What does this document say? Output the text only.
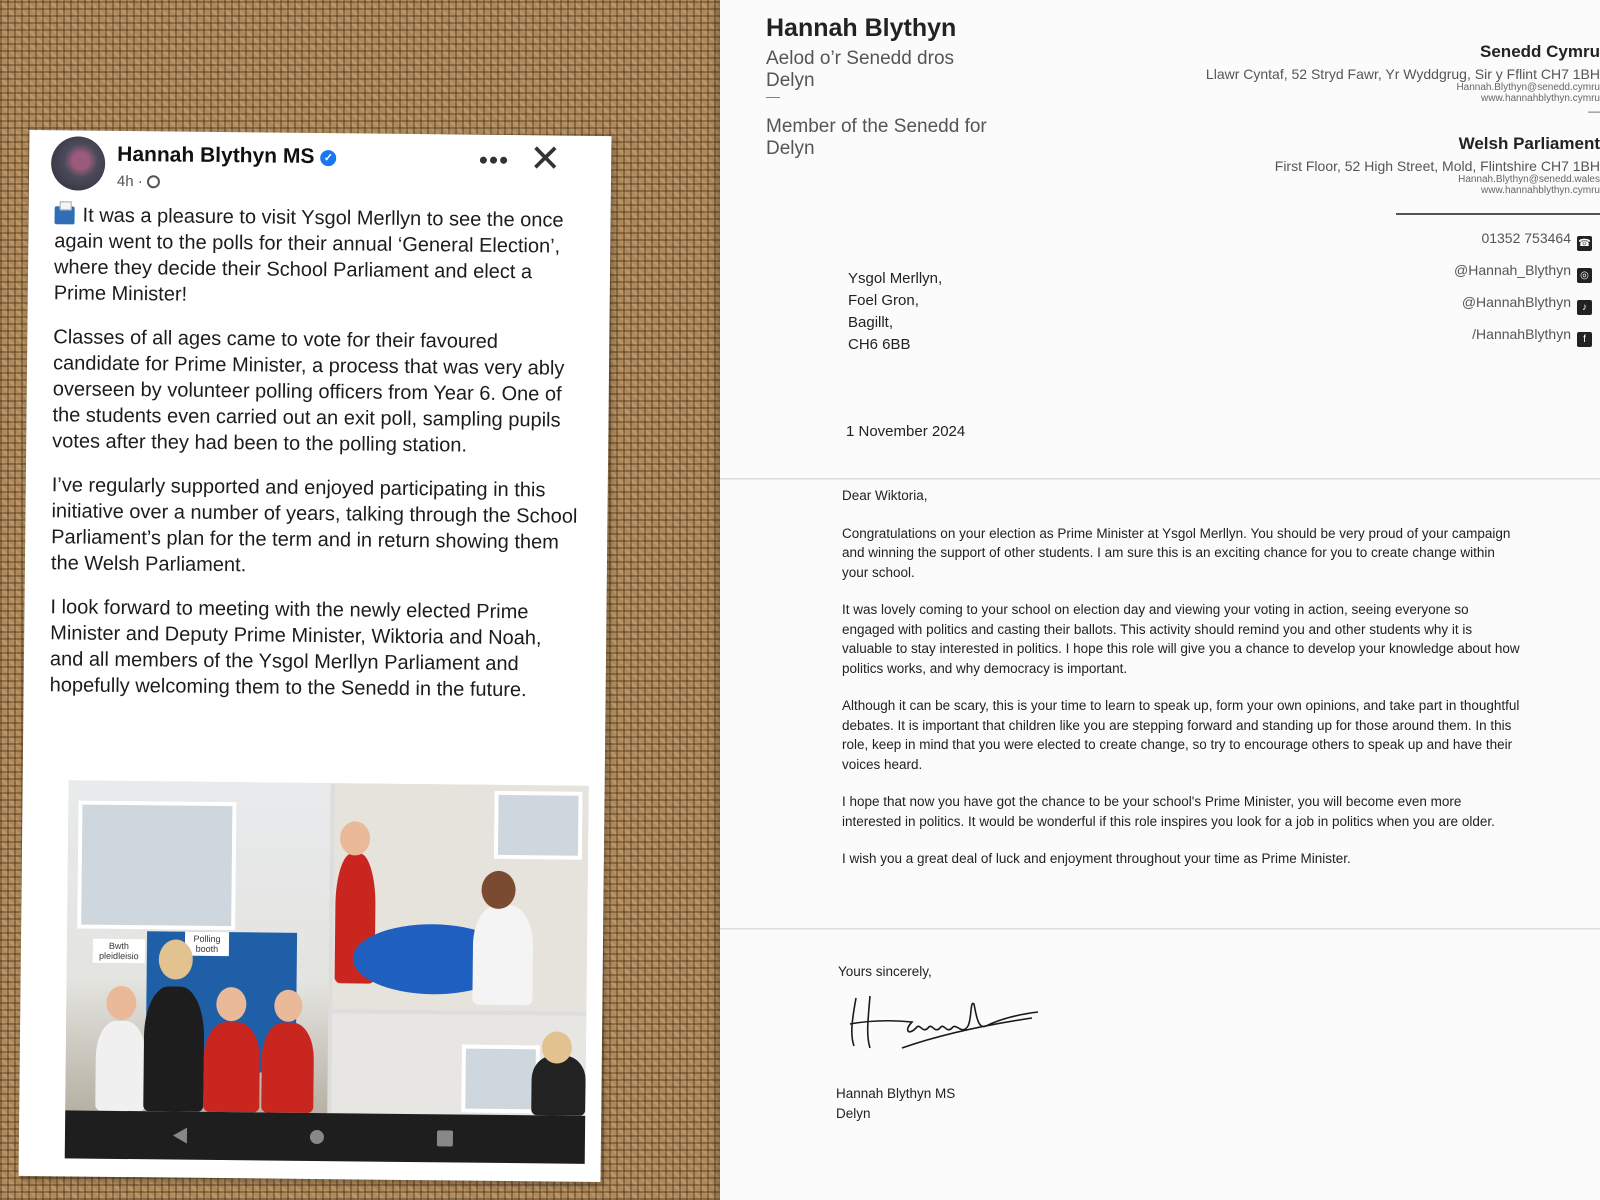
Hannah Blythyn MS ✓
4h ·
••• ✕

It was a pleasure to visit Ysgol Merllyn to see the once again went to the polls for their annual ‘General Election’, where they decide their School Parliament and elect a Prime Minister!

Classes of all ages came to vote for their favoured candidate for Prime Minister, a process that was very ably overseen by volunteer polling officers from Year 6. One of the students even carried out an exit poll, sampling pupils votes after they had been to the polling station.

I’ve regularly supported and enjoyed participating in this initiative over a number of years, talking through the School Parliament’s plan for the term and in return showing them the Welsh Parliament.

I look forward to meeting with the newly elected Prime Minister and Deputy Prime Minister, Wiktoria and Noah, and all members of the Ysgol Merllyn Parliament and hopefully welcoming them to the Senedd in the future.

Bwth pleidleisio
Polling booth
Hannah Blythyn
Aelod o’r Senedd dros Delyn
—
Member of the Senedd for Delyn
Senedd Cymru
Llawr Cyntaf, 52 Stryd Fawr, Yr Wyddgrug, Sir y Fflint CH7 1BH
Hannah.Blythyn@senedd.cymru
www.hannahblythyn.cymru
—
Welsh Parliament
First Floor, 52 High Street, Mold, Flintshire CH7 1BH
Hannah.Blythyn@senedd.wales
www.hannahblythyn.cymru
01352 753464 ☎
@Hannah_Blythyn ◎
@HannahBlythyn ♪
/HannahBlythyn f
Ysgol Merllyn,
Foel Gron,
Bagillt,
CH6 6BB
1 November 2024

Dear Wiktoria,

Congratulations on your election as Prime Minister at Ysgol Merllyn. You should be very proud of your campaign and winning the support of other students. I am sure this is an exciting chance for you to create change within your school.

It was lovely coming to your school on election day and viewing your voting in action, seeing everyone so engaged with politics and casting their ballots. This activity should remind you and other students why it is valuable to stay interested in politics. I hope this role will give you a chance to develop your knowledge about how politics works, and why democracy is important.

Although it can be scary, this is your time to learn to speak up, form your own opinions, and take part in thoughtful debates. It is important that children like you are stepping forward and standing up for those around them. In this role, keep in mind that you were elected to create change, so try to encourage others to speak up and have their voices heard.

I hope that now you have got the chance to be your school's Prime Minister, you will become even more interested in politics. It would be wonderful if this role inspires you look for a job in politics when you are older.

I wish you a great deal of luck and enjoyment throughout your time as Prime Minister.

Yours sincerely,
Hannah Blythyn MS
Delyn
